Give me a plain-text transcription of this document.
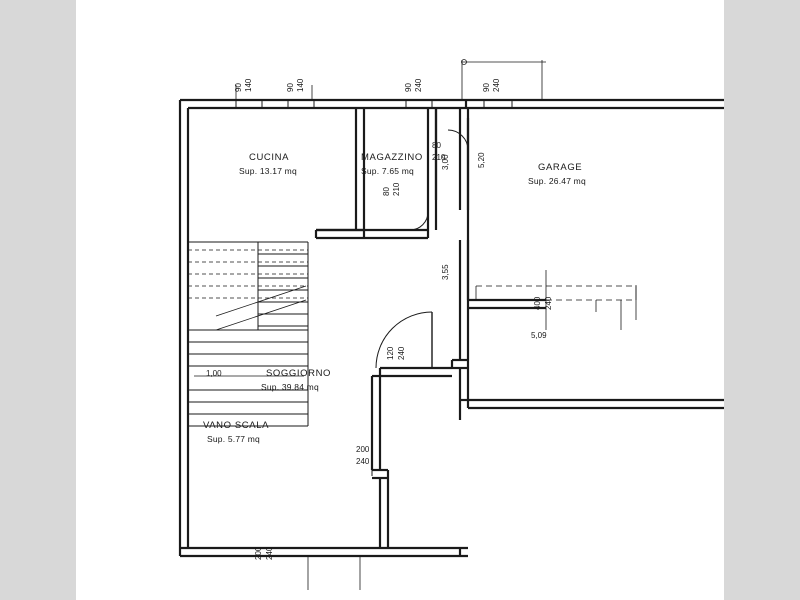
CUCINA
Sup. 13.17 mq
MAGAZZINO
Sup. 7.65 mq	GARAGE
Sup. 26.47 mq
SOGGIORNO
Sup. 39.84 mq
VANO SCALA
Sup. 5.77 mq
90 140	90 140	90 240	90 240
80
210
80 210
120 240
200
240
200 240
400 240
3,00	5,20
3,55
5,09
1,00
